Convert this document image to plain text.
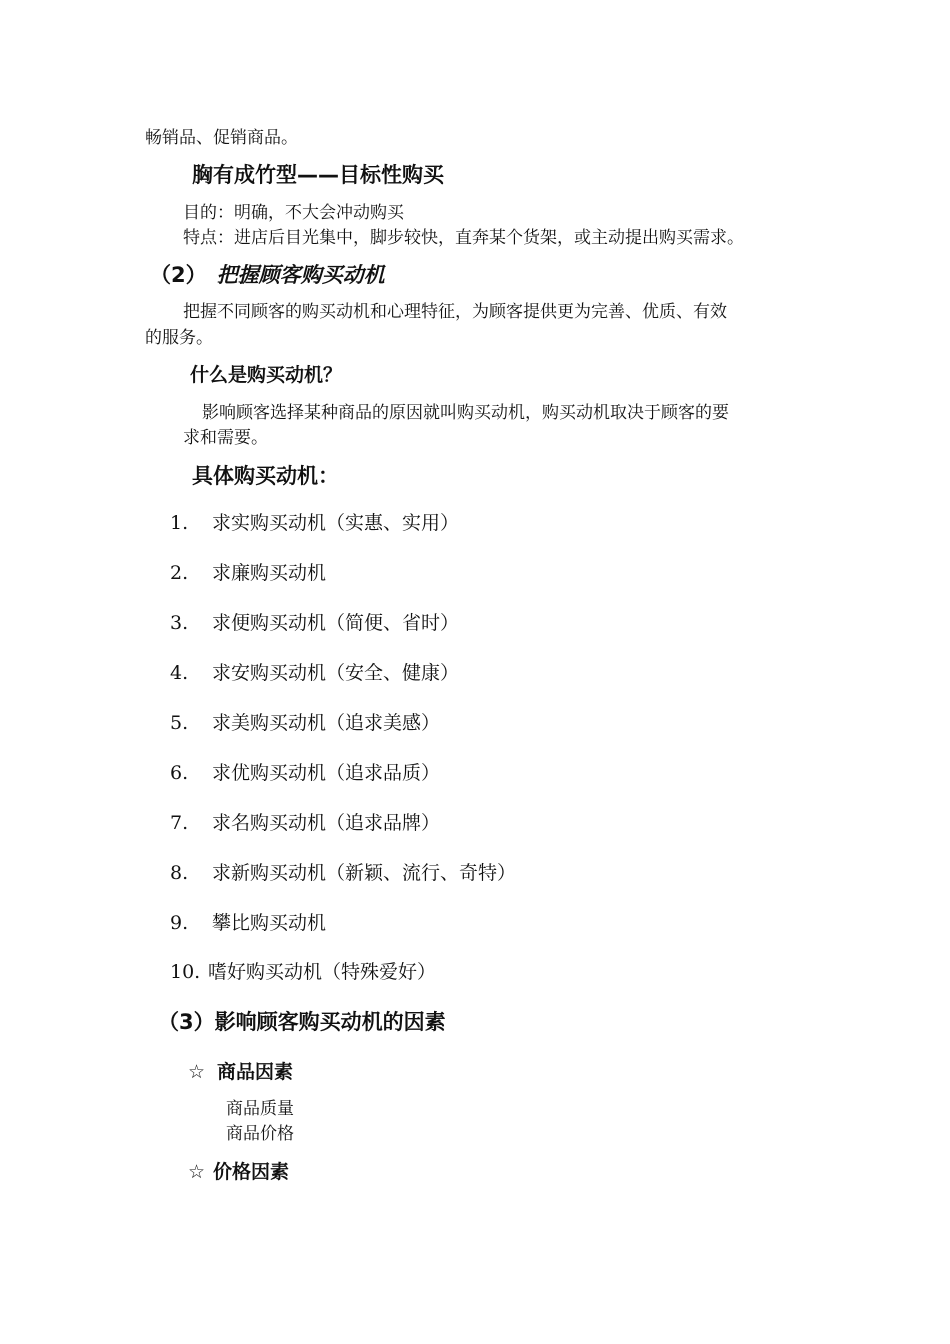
畅销品、促销商品。
胸有成竹型——目标性购买
目的：明确，不大会冲动购买
特点：进店后目光集中，脚步较快，直奔某个货架，或主动提出购买需求。
（2） 把握顾客购买动机
把握不同顾客的购买动机和心理特征，为顾客提供更为完善、优质、有效
的服务。
什么是购买动机？
影响顾客选择某种商品的原因就叫购买动机，购买动机取决于顾客的要
求和需要。
具体购买动机：
1. 求实购买动机（实惠、实用）
2. 求廉购买动机
3. 求便购买动机（简便、省时）
4. 求安购买动机（安全、健康）
5. 求美购买动机（追求美感）
6. 求优购买动机（追求品质）
7. 求名购买动机（追求品牌）
8. 求新购买动机（新颖、流行、奇特）
9. 攀比购买动机
10. 嗜好购买动机（特殊爱好）
（3）影响顾客购买动机的因素
☆ 商品因素
商品质量
商品价格
☆ 价格因素
